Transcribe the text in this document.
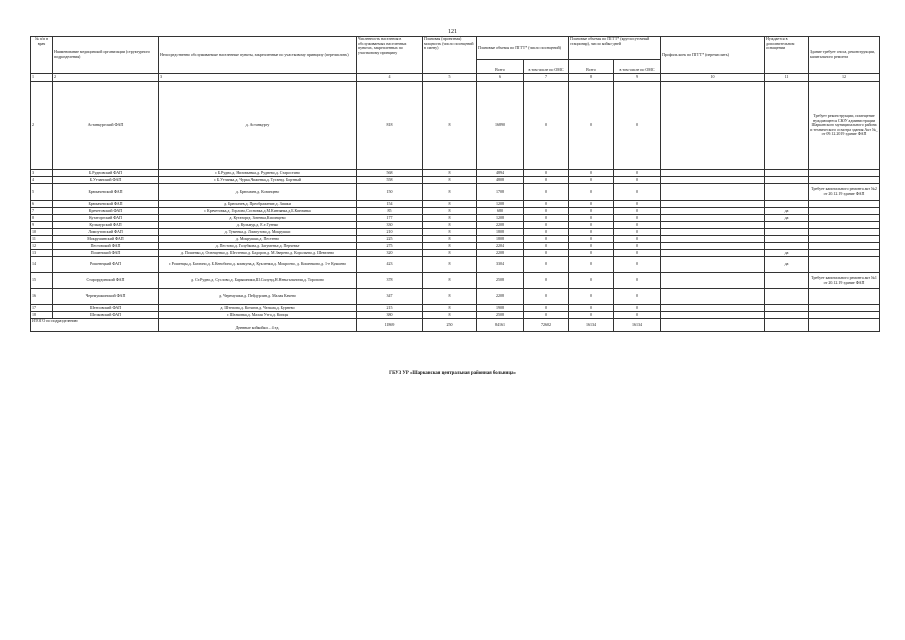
121
№ п/п в врач	Наименование медицинской организации (структурного подразделения)	Непосредственно обслуживаемые населенные пункты, закрепленные по участковому принципу (перечислить)	Численность населения в обслуживаемых населенных пунктах, закрепленных по участковому принципу	Плановая (проектная) мощность (число посещений в смену)	Плановые объемы по ПГГТ* (число посещений)		Плановые объемы по ПГГТ* (круглосуточный стационар), число койко-дней		Профиль коек по ПГГТ* (перечислить)	Нуждается в дополнительном оснащении	Здание требует сноса, реконструкции, капитального ремонта
					Всего	в том числе по ОМС	Всего	в том числе по ОМС			
1	2	3	4	5	6	7	8	9	10	11	12
2	Астанкургский ФАП	д. Астанкургу	818	8	16890	0	0	0			Требует реконструкции, помещение нуждающееся СЮУ администрации Шарканского муниципального района и технического осмотра здания Акт №_ от 09.12.2019 здание ФАП
3	Б.Рудновский ФАП	с Б.Рудно,д. Низовьевка,д. Руднево,д. Старостино	568	8	4894	0	0	0			
4	Б.Утчанский ФАП	с Б.Утчанка,д. Чурка,Чиженка,д. Тугаевд. Бортный	558	8	4808	0	0	0			
5	Брюхачевский ФАП	д. Брюхачев,д. Козинцево	150	8	1708	0	0	0			Требует капитального ремонта акт №2 от 20.12.19 здание ФАП
6	Брюхачевский ФАП	д. Брюхачев,д. Преображение,д. Зишки	154	8	1208	0	0	0			
7	Кречетовский ФАП	с Кречетовка,д. Горлово,Сосновка,д.М.Кинзянка,д.Б.Кинзянка	85	8	680	0	0	0		да	
8	Кутаторгский ФАП	д. Кутаторгд. Зитенка,Кисинцево	177	8	1208	0	0	0		да	
9	Кульмурский ФАП	д. Кульмур,д. Е.е.Гуенко	330	8	2208	0	0	0			
10	Ломпутовский ФАП	д. Туменка,д. Ломпутово,д. Мокрушки	210	8	1808	0	0	0			
11	Мокрушинский ФАП	д. Мокрушки,д. Пестеево	225	8	1808	0	0	0			
12	Пестовский ФАП	д. Пестово,д. Голубкова,д. Загуменье,д. Перчевье	275	8	2204	0	0	0			
13	Пошенский ФАП	д. Пошенко,д. Оснещенко,д. Шестенко,д. Бадоров,д. М.Зверено,д. Корольево,д. Шевелево	320	8	2208	0	0	0		да	
14	Рошенецкий ФАП	с Рошенцы,д. Бахтино,д. Б.Кенобино,д. коммуна,д. Кукленки,д. Мокроево, д. Кошенково,д. 1-е Кукшево	423	8	3304	0	0	0		да	
15	Старорудинский ФАП	д. Ст.Рудно,д. Суслово,д. Барышники,Ш.Силунд,Н.Невьгальничи,д. Торопово	378	8	2508	0	0	0			Требует капитального ремонта акт №1 от 20.12.19 здание ФАП
16	Черемушкинский ФАП	д. Черемушки,д. Пейдурлин,д. Малая Качево	347	8	2208	0	0	0			
17	Штеповский ФАП	д. Штепова,д. Котягов,д. Чельма,д. Бурнево	215	8	1908	0	0	0			
18	Шелковский ФАП	с Шелковка,д. Малая Утга,д. Копцы	380	8	2508	0	0	0			
ИТОГО по подразделению		Дневные койкойки – 4 ед.	11869	250	84161	72602	16134	16134			
ГБУЗ УР «Шарканская центральная районная больница»
